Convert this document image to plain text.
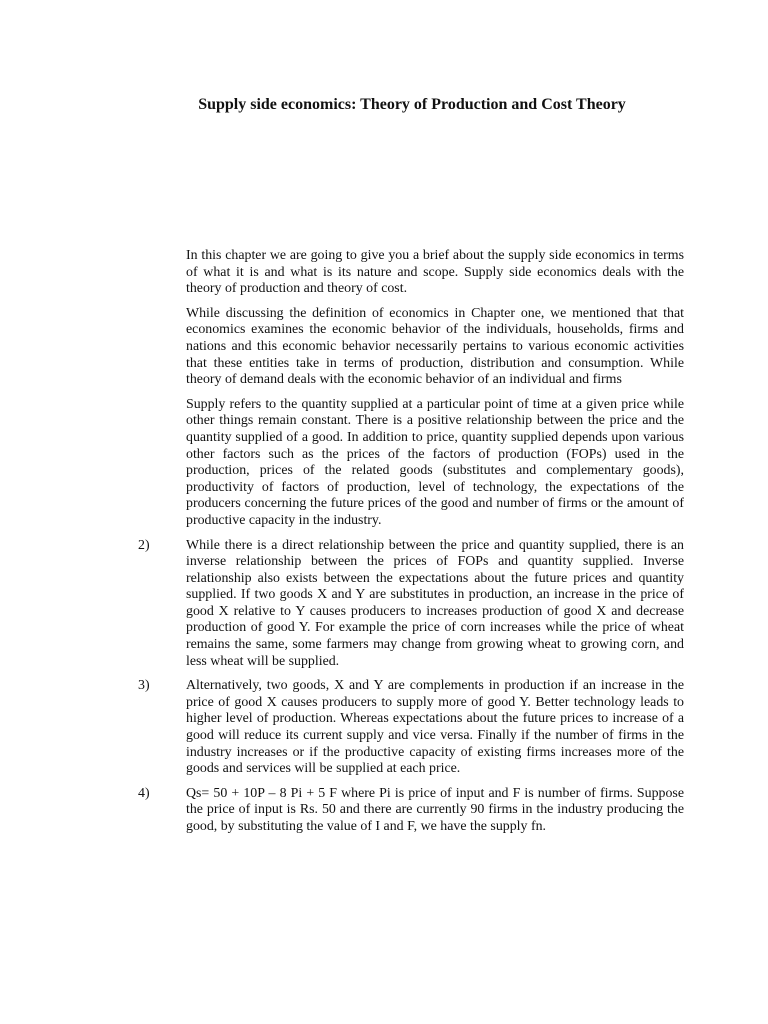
Supply side economics: Theory of Production and Cost Theory
In this chapter we are going to give you a brief about the supply side economics in terms of what it is and what is its nature and scope. Supply side economics deals with the theory of production and theory of cost.
While discussing the definition of economics in Chapter one, we mentioned that that economics examines the economic behavior of the individuals, households, firms and nations and this economic behavior necessarily pertains to various economic activities that these entities take in terms of production, distribution and consumption. While theory of demand deals with the economic behavior of an individual and firms
Supply refers to the quantity supplied at a particular point of time at a given price while other things remain constant. There is a positive relationship between the price and the quantity supplied of a good. In addition to price, quantity supplied depends upon various other factors such as the prices of the factors of production (FOPs) used in the production, prices of the related goods (substitutes and complementary goods), productivity of factors of production, level of technology, the expectations of the producers concerning the future prices of the good and number of firms or the amount of productive capacity in the industry.
2)	While there is a direct relationship between the price and quantity supplied, there is an inverse relationship between the prices of FOPs and quantity supplied. Inverse relationship also exists between the expectations about the future prices and quantity supplied. If two goods X and Y are substitutes in production, an increase in the price of good X relative to Y causes producers to increases production of good X and decrease production of good Y. For example the price of corn increases while the price of wheat remains the same, some farmers may change from growing wheat to growing corn, and less wheat will be supplied.
3)	Alternatively, two goods, X and Y are complements in production if an increase in the price of good X causes producers to supply more of good Y. Better technology leads to higher level of production. Whereas expectations about the future prices to increase of a good will reduce its current supply and vice versa. Finally if the number of firms in the industry increases or if the productive capacity of existing firms increases more of the goods and services will be supplied at each price.
4)	Qs= 50 + 10P – 8 Pi + 5 F where Pi is price of input and F is number of firms. Suppose the price of input is Rs. 50 and there are currently 90 firms in the industry producing the good, by substituting the value of I and F, we have the supply fn.
